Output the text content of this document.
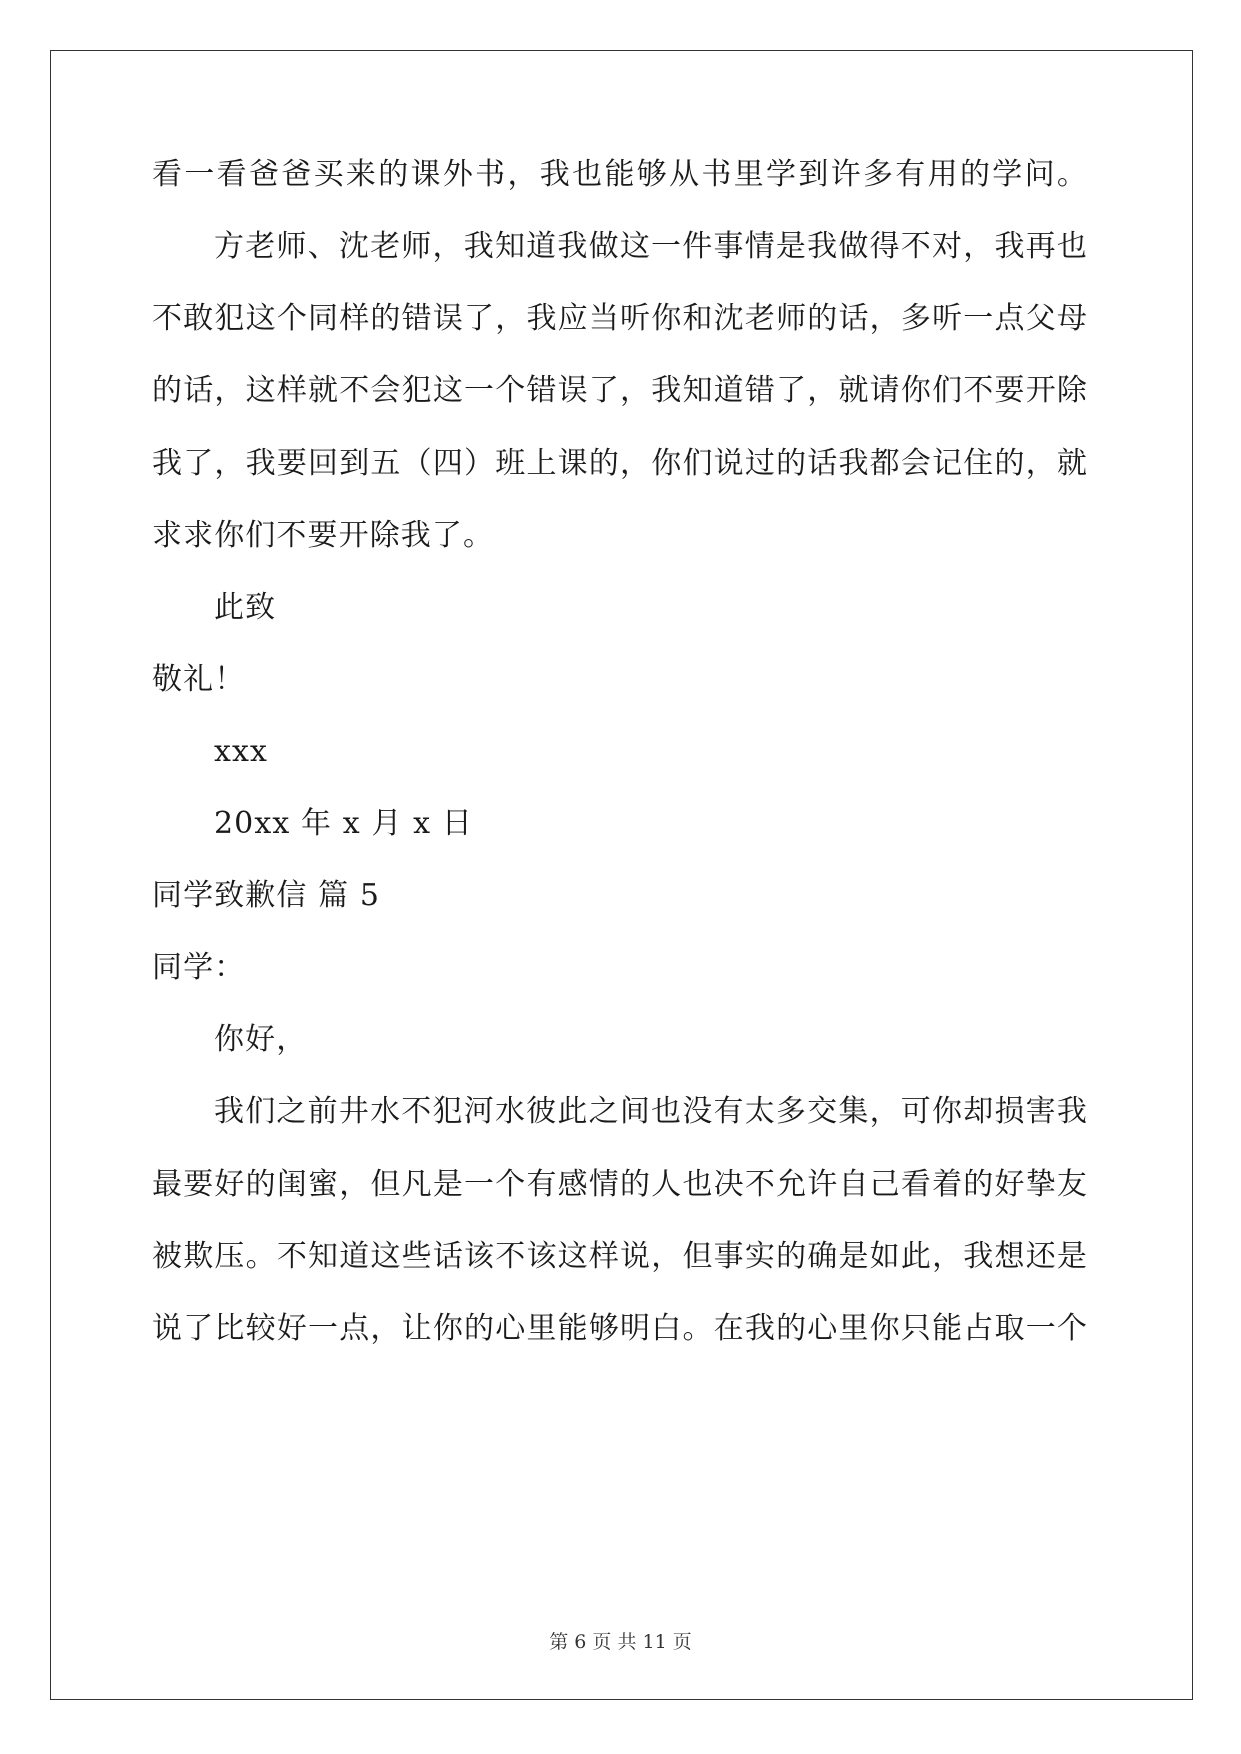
看一看爸爸买来的课外书，我也能够从书里学到许多有用的学问。
方老师、沈老师，我知道我做这一件事情是我做得不对，我再也
不敢犯这个同样的错误了，我应当听你和沈老师的话，多听一点父母
的话，这样就不会犯这一个错误了，我知道错了，就请你们不要开除
我了，我要回到五（四）班上课的，你们说过的话我都会记住的，就
求求你们不要开除我了。
此致
敬礼！
xxx
20xx 年 x 月 x 日
同学致歉信 篇 5
同学：
你好，
我们之前井水不犯河水彼此之间也没有太多交集，可你却损害我
最要好的闺蜜，但凡是一个有感情的人也决不允许自己看着的好挚友
被欺压。不知道这些话该不该这样说，但事实的确是如此，我想还是
说了比较好一点，让你的心里能够明白。在我的心里你只能占取一个
第 6 页 共 11 页
